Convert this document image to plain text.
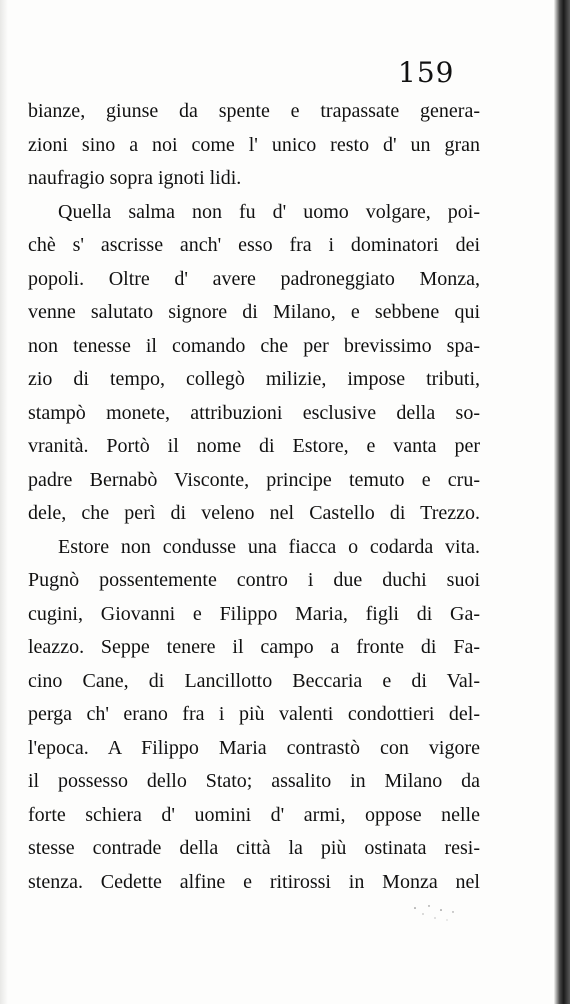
159
bianze, giunse da spente e trapassate genera-
zioni sino a noi come l' unico resto d' un gran
naufragio sopra ignoti lidi.
Quella salma non fu d' uomo volgare, poi-
chè s' ascrisse anch' esso fra i dominatori dei
popoli. Oltre d' avere padroneggiato Monza,
venne salutato signore di Milano, e sebbene qui
non tenesse il comando che per brevissimo spa-
zio di tempo, collegò milizie, impose tributi,
stampò monete, attribuzioni esclusive della so-
vranità. Portò il nome di Estore, e vanta per
padre Bernabò Visconte, principe temuto e cru-
dele, che perì di veleno nel Castello di Trezzo.
Estore non condusse una fiacca o codarda vita.
Pugnò possentemente contro i due duchi suoi
cugini, Giovanni e Filippo Maria, figli di Ga-
leazzo. Seppe tenere il campo a fronte di Fa-
cino Cane, di Lancillotto Beccaria e di Val-
perga ch' erano fra i più valenti condottieri del-
l'epoca. A Filippo Maria contrastò con vigore
il possesso dello Stato; assalito in Milano da
forte schiera d' uomini d' armi, oppose nelle
stesse contrade della città la più ostinata resi-
stenza. Cedette alfine e ritirossi in Monza nel
